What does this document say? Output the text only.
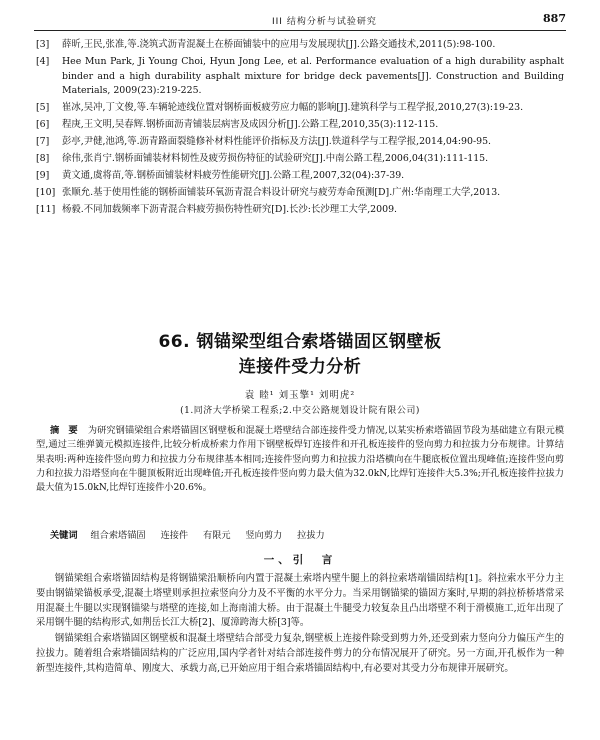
III 结构分析与试验研究	887
[3] 薛昕,王民,张准,等.浇筑式沥青混凝土在桥面铺装中的应用与发展现状[J].公路交通技术,2011(5):98-100.
[4] Hee Mun Park, Ji Young Choi, Hyun Jong Lee, et al. Performance evaluation of a high durability asphalt binder and a high durability asphalt mixture for bridge deck pavements[J]. Construction and Building Materials, 2009(23):219-225.
[5] 崔冰,吴冲,丁文俊,等.车辆轮迹线位置对钢桥面板疲劳应力幅的影响[J].建筑科学与工程学报,2010,27(3):19-23.
[6] 程庚,王文明,吴春辉.钢桥面沥青铺装层病害及成因分析[J].公路工程,2010,35(3):112-115.
[7] 彭亭,尹健,池鸿,等.沥青路面裂缝修补材料性能评价指标及方法[J].铁道科学与工程学报,2014,04:90-95.
[8] 徐伟,张肖宁.钢桥面铺装材料韧性及疲劳损伤特征的试验研究[J].中南公路工程,2006,04(31):111-115.
[9] 黄文通,虞将苗,等.钢桥面铺装材料疲劳性能研究[J].公路工程,2007,32(04):37-39.
[10] 张顺允.基于使用性能的钢桥面铺装环氧沥青混合料设计研究与疲劳寿命预测[D].广州:华南理工大学,2013.
[11] 杨毅.不同加载频率下沥青混合料疲劳损伤特性研究[D].长沙:长沙理工大学,2009.
66. 钢锚梁型组合索塔锚固区钢壁板
连接件受力分析
袁 睦¹ 刘玉擎¹ 刘明虎²
(1.同济大学桥梁工程系;2.中交公路规划设计院有限公司)
摘　要 为研究钢锚梁组合索塔锚固区钢壁板和混凝土塔壁结合部连接件受力情况,以某实桥索塔锚固节段为基础建立有限元模型,通过三维弹簧元模拟连接件,比较分析成桥索力作用下钢壁板焊钉连接件和开孔板连接件的竖向剪力和拉拔力分布规律。计算结果表明:两种连接件竖向剪力和拉拔力分布规律基本相同;连接件竖向剪力和拉拔力沿塔横向在牛腿底板位置出现峰值;连接件竖向剪力和拉拔力沿塔竖向在牛腿顶板附近出现峰值;开孔板连接件竖向剪力最大值为32.0kN,比焊钉连接件大5.3%;开孔板连接件拉拔力最大值为15.0kN,比焊钉连接件小20.6%。
关键词 组合索塔锚固 连接件 有限元 竖向剪力 拉拔力
一、引　言

钢锚梁组合索塔锚固结构是将钢锚梁沿顺桥向内置于混凝土索塔内壁牛腿上的斜拉索塔端锚固结构[1]。斜拉索水平分力主要由钢锚梁锚板承受,混凝土塔壁则承担拉索竖向分力及不平衡的水平分力。当采用钢锚梁的锚固方案时,早期的斜拉桥桥塔常采用混凝土牛腿以实现钢锚梁与塔壁的连接,如上海南浦大桥。由于混凝土牛腿受力较复杂且凸出塔壁不利于滑模施工,近年出现了采用钢牛腿的结构形式,如荆岳长江大桥[2]、厦漳跨海大桥[3]等。

钢锚梁组合索塔锚固区钢壁板和混凝土塔壁结合部受力复杂,钢壁板上连接件除受到剪力外,还受到索力竖向分力偏压产生的拉拔力。随着组合索塔锚固结构的广泛应用,国内学者针对结合部连接件剪力的分布情况展开了研究。另一方面,开孔板作为一种新型连接件,其构造简单、刚度大、承载力高,已开始应用于组合索塔锚固结构中,有必要对其受力分布规律开展研究。
